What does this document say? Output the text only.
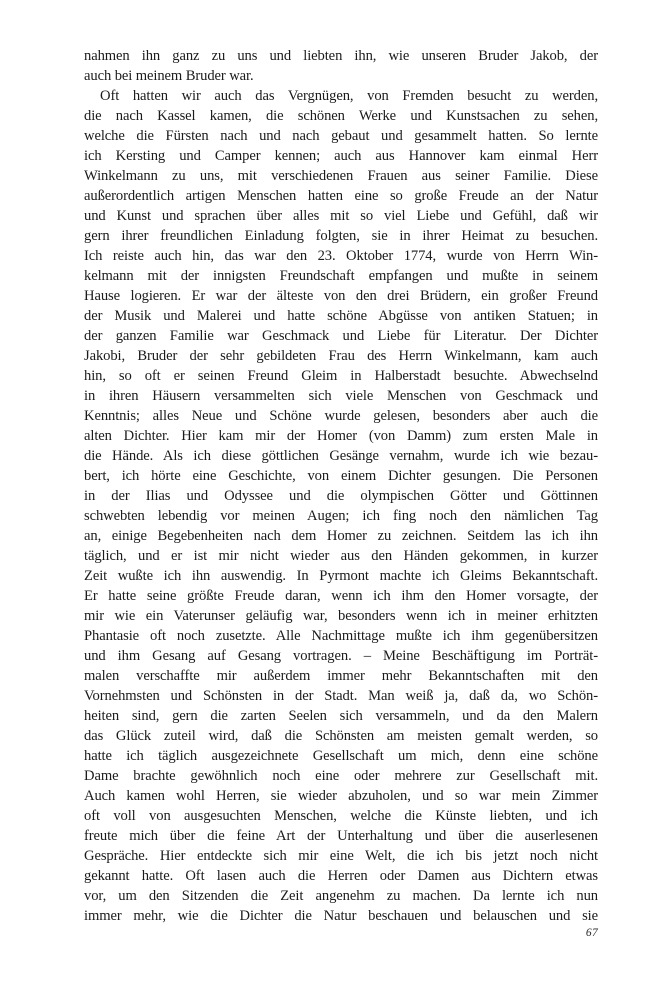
nahmen ihn ganz zu uns und liebten ihn, wie unseren Bruder Jakob, der
auch bei meinem Bruder war.
Oft hatten wir auch das Vergnügen, von Fremden besucht zu werden,
die nach Kassel kamen, die schönen Werke und Kunstsachen zu sehen,
welche die Fürsten nach und nach gebaut und gesammelt hatten. So lernte
ich Kersting und Camper kennen; auch aus Hannover kam einmal Herr
Winkelmann zu uns, mit verschiedenen Frauen aus seiner Familie. Diese
außerordentlich artigen Menschen hatten eine so große Freude an der Natur
und Kunst und sprachen über alles mit so viel Liebe und Gefühl, daß wir
gern ihrer freundlichen Einladung folgten, sie in ihrer Heimat zu besuchen.
Ich reiste auch hin, das war den 23. Oktober 1774, wurde von Herrn Win-
kelmann mit der innigsten Freundschaft empfangen und mußte in seinem
Hause logieren. Er war der älteste von den drei Brüdern, ein großer Freund
der Musik und Malerei und hatte schöne Abgüsse von antiken Statuen; in
der ganzen Familie war Geschmack und Liebe für Literatur. Der Dichter
Jakobi, Bruder der sehr gebildeten Frau des Herrn Winkelmann, kam auch
hin, so oft er seinen Freund Gleim in Halberstadt besuchte. Abwechselnd
in ihren Häusern versammelten sich viele Menschen von Geschmack und
Kenntnis; alles Neue und Schöne wurde gelesen, besonders aber auch die
alten Dichter. Hier kam mir der Homer (von Damm) zum ersten Male in
die Hände. Als ich diese göttlichen Gesänge vernahm, wurde ich wie bezau-
bert, ich hörte eine Geschichte, von einem Dichter gesungen. Die Personen
in der Ilias und Odyssee und die olympischen Götter und Göttinnen
schwebten lebendig vor meinen Augen; ich fing noch den nämlichen Tag
an, einige Begebenheiten nach dem Homer zu zeichnen. Seitdem las ich ihn
täglich, und er ist mir nicht wieder aus den Händen gekommen, in kurzer
Zeit wußte ich ihn auswendig. In Pyrmont machte ich Gleims Bekanntschaft.
Er hatte seine größte Freude daran, wenn ich ihm den Homer vorsagte, der
mir wie ein Vaterunser geläufig war, besonders wenn ich in meiner erhitzten
Phantasie oft noch zusetzte. Alle Nachmittage mußte ich ihm gegenübersitzen
und ihm Gesang auf Gesang vortragen. – Meine Beschäftigung im Porträt-
malen verschaffte mir außerdem immer mehr Bekanntschaften mit den
Vornehmsten und Schönsten in der Stadt. Man weiß ja, daß da, wo Schön-
heiten sind, gern die zarten Seelen sich versammeln, und da den Malern
das Glück zuteil wird, daß die Schönsten am meisten gemalt werden, so
hatte ich täglich ausgezeichnete Gesellschaft um mich, denn eine schöne
Dame brachte gewöhnlich noch eine oder mehrere zur Gesellschaft mit.
Auch kamen wohl Herren, sie wieder abzuholen, und so war mein Zimmer
oft voll von ausgesuchten Menschen, welche die Künste liebten, und ich
freute mich über die feine Art der Unterhaltung und über die auserlesenen
Gespräche. Hier entdeckte sich mir eine Welt, die ich bis jetzt noch nicht
gekannt hatte. Oft lasen auch die Herren oder Damen aus Dichtern etwas
vor, um den Sitzenden die Zeit angenehm zu machen. Da lernte ich nun
immer mehr, wie die Dichter die Natur beschauen und belauschen und sie
67
